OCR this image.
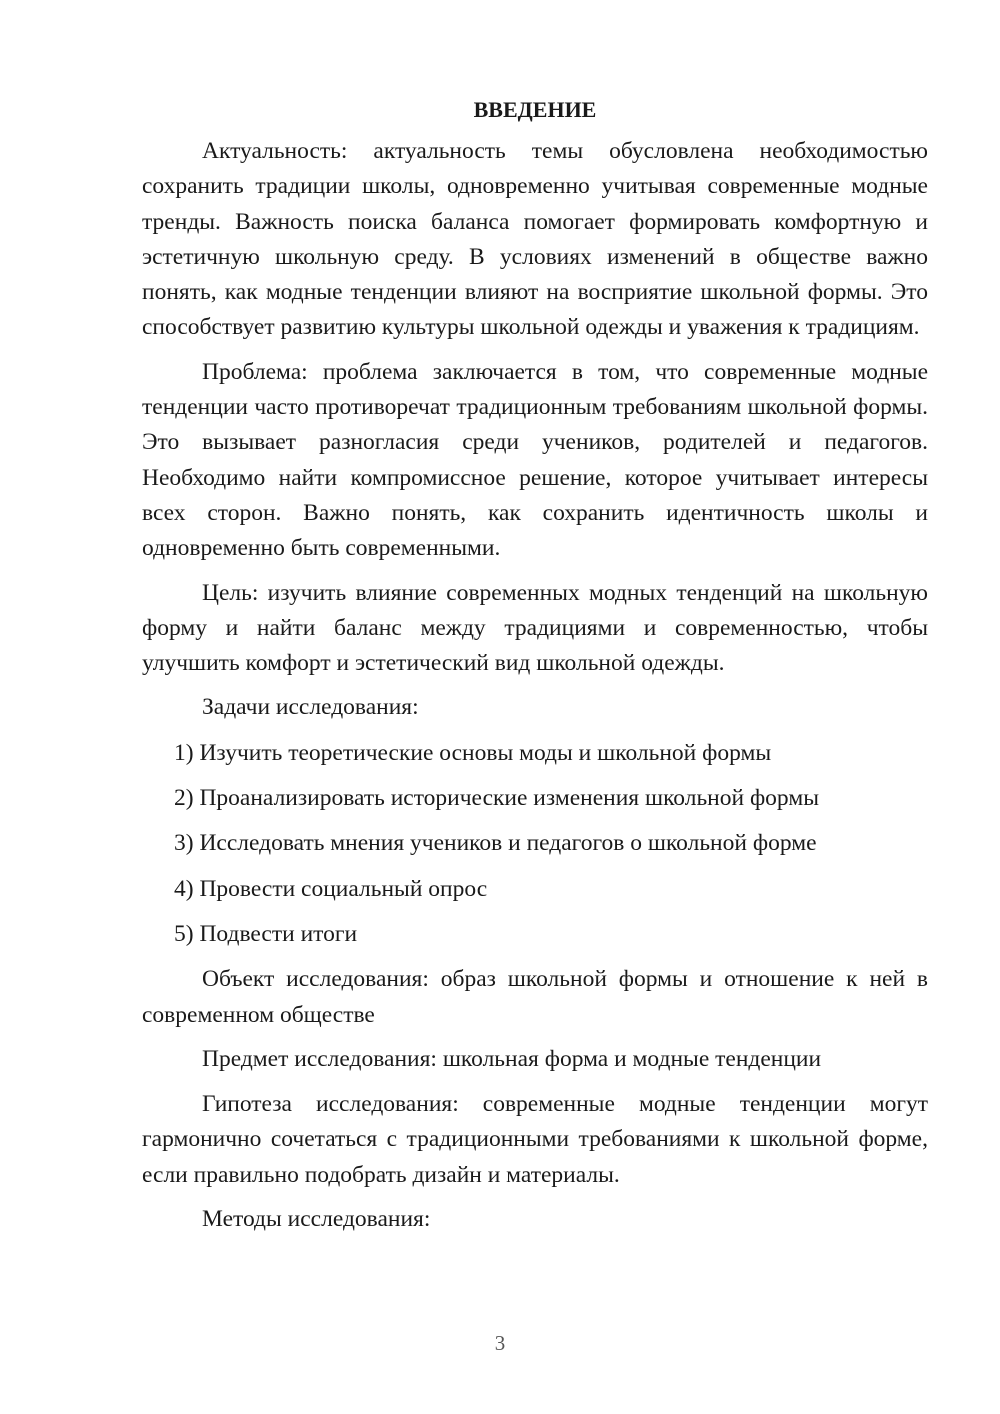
ВВЕДЕНИЕ

Актуальность: актуальность темы обусловлена необходимостью сохранить традиции школы, одновременно учитывая современные модные тренды. Важность поиска баланса помогает формировать комфортную и эстетичную школьную среду. В условиях изменений в обществе важно понять, как модные тенденции влияют на восприятие школьной формы. Это способствует развитию культуры школьной одежды и уважения к традициям.

Проблема: проблема заключается в том, что современные модные тенденции часто противоречат традиционным требованиям школьной формы. Это вызывает разногласия среди учеников, родителей и педагогов. Необходимо найти компромиссное решение, которое учитывает интересы всех сторон. Важно понять, как сохранить идентичность школы и одновременно быть современными.

Цель: изучить влияние современных модных тенденций на школьную форму и найти баланс между традициями и современностью, чтобы улучшить комфорт и эстетический вид школьной одежды.

Задачи исследования:

1) Изучить теоретические основы моды и школьной формы

2) Проанализировать исторические изменения школьной формы

3) Исследовать мнения учеников и педагогов о школьной форме

4) Провести социальный опрос

5) Подвести итоги

Объект исследования: образ школьной формы и отношение к ней в современном обществе

Предмет исследования: школьная форма и модные тенденции

Гипотеза исследования: современные модные тенденции могут гармонично сочетаться с традиционными требованиями к школьной форме, если правильно подобрать дизайн и материалы.

Методы исследования:

3
